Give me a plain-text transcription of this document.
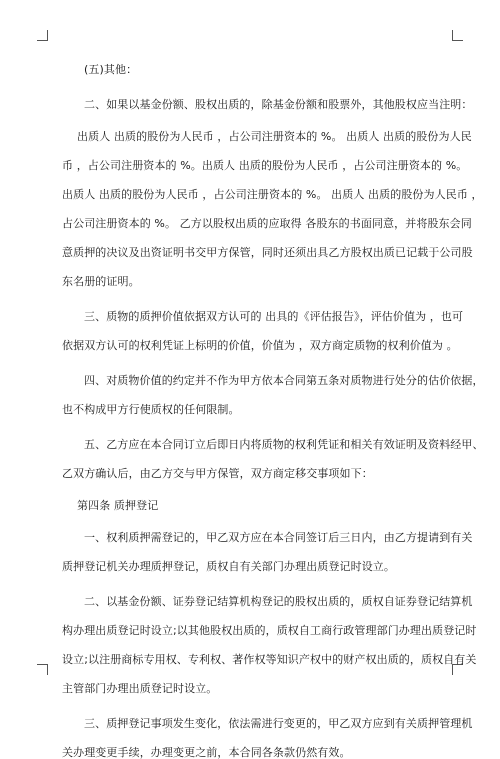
(五)其他：
二、如果以基金份额、股权出质的，除基金份额和股票外，其他股权应当注明：
出质人 出质的股份为人民币 ，占公司注册资本的 %。 出质人 出质的股份为人民
币 ，占公司注册资本的 %。出质人 出质的股份为人民币 ，占公司注册资本的 %。
出质人 出质的股份为人民币 ，占公司注册资本的 %。 出质人 出质的股份为人民币 ，
占公司注册资本的 %。 乙方以股权出质的应取得 各股东的书面同意，并将股东会同
意质押的决议及出资证明书交甲方保管，同时还须出具乙方股权出质已记载于公司股
东名册的证明。
三、质物的质押价值依据双方认可的 出具的《评估报告》，评估价值为 ，也可
依据双方认可的权利凭证上标明的价值，价值为 ，双方商定质物的权利价值为 。
四、对质物价值的约定并不作为甲方依本合同第五条对质物进行处分的估价依据，
也不构成甲方行使质权的任何限制。
五、乙方应在本合同订立后即日内将质物的权利凭证和相关有效证明及资料经甲、
乙双方确认后，由乙方交与甲方保管，双方商定移交事项如下：
第四条 质押登记
一、权利质押需登记的，甲乙双方应在本合同签订后三日内，由乙方提请到有关
质押登记机关办理质押登记，质权自有关部门办理出质登记时设立。
二、以基金份额、证券登记结算机构登记的股权出质的，质权自证券登记结算机
构办理出质登记时设立;以其他股权出质的，质权自工商行政管理部门办理出质登记时
设立;以注册商标专用权、专利权、著作权等知识产权中的财产权出质的，质权自有关
主管部门办理出质登记时设立。
三、质押登记事项发生变化，依法需进行变更的，甲乙双方应到有关质押管理机
关办理变更手续，办理变更之前，本合同各条款仍然有效。
